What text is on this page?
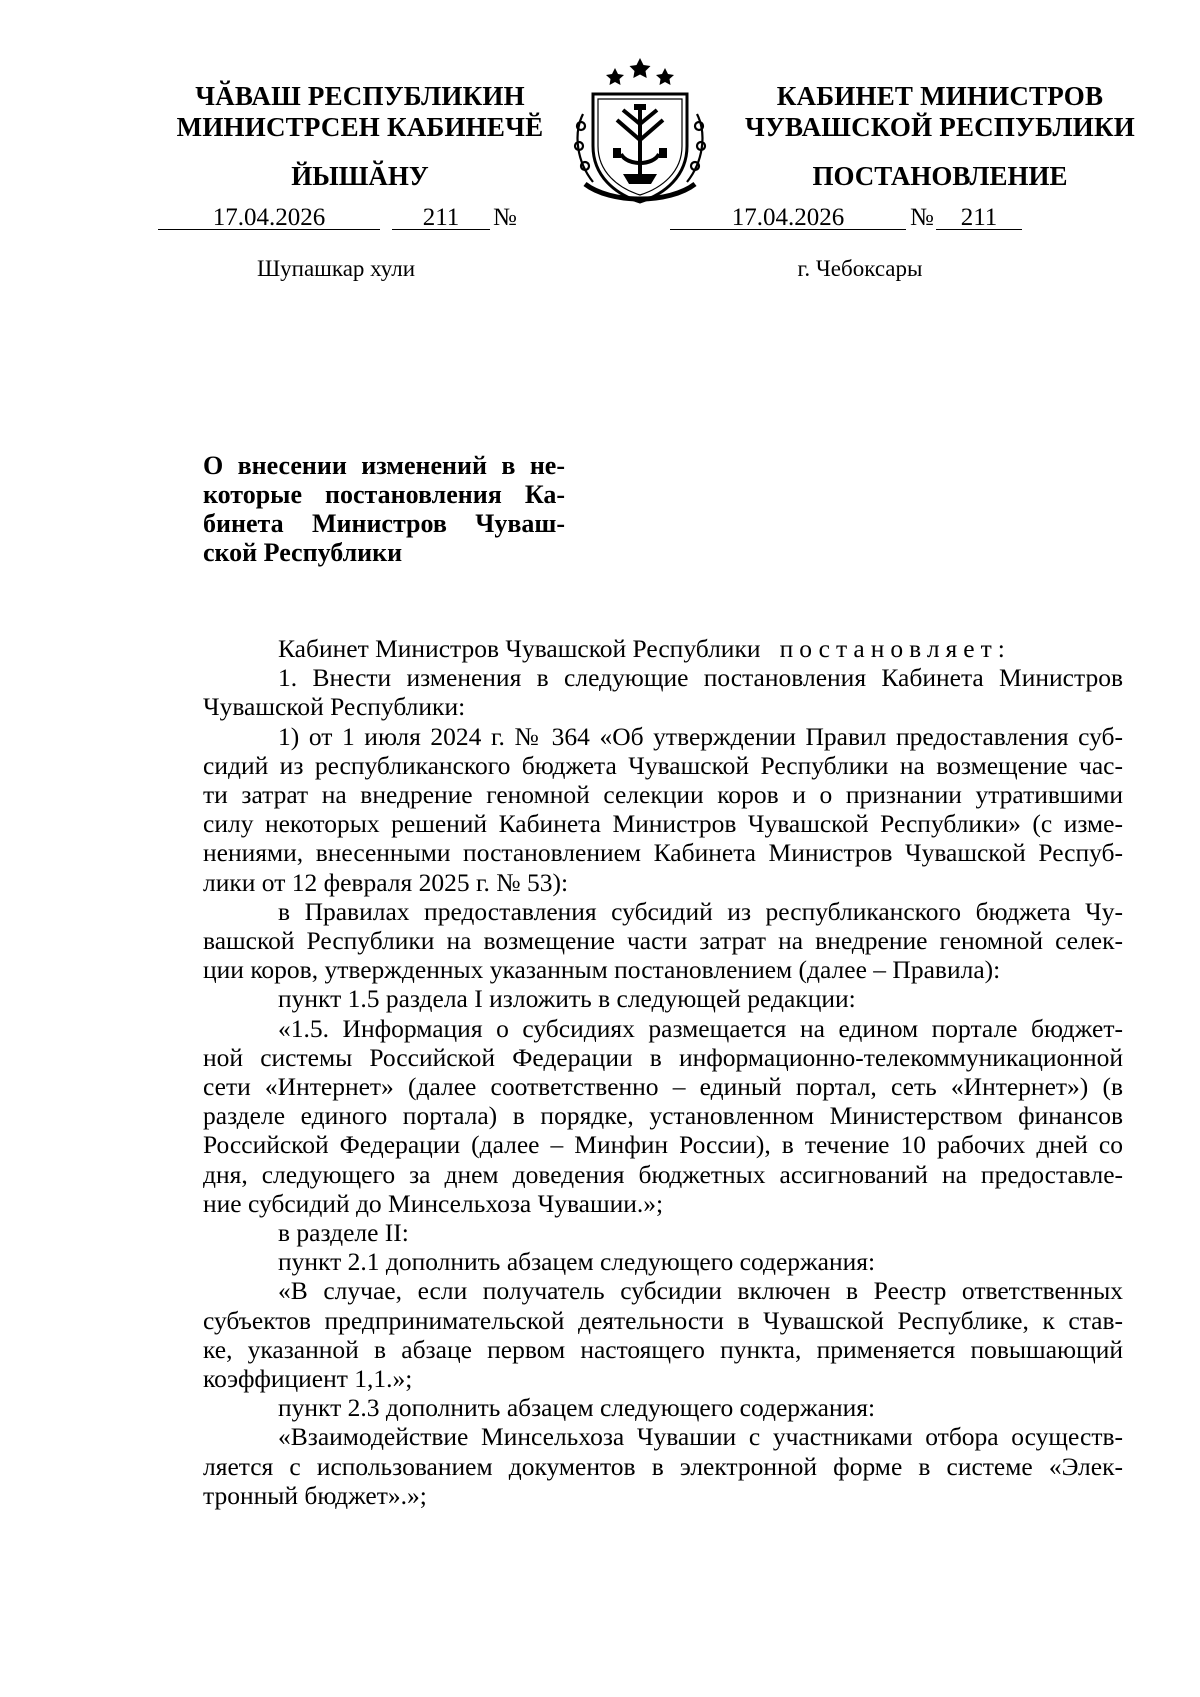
ЧӐВАШ РЕСПУБЛИКИН
МИНИСТРСЕН КАБИНЕЧӖ
ЙЫШӐНУ
КАБИНЕТ МИНИСТРОВ
ЧУВАШСКОЙ РЕСПУБЛИКИ
ПОСТАНОВЛЕНИЕ
17.04.2026	211	№	17.04.2026	№	211
Шупашкар хули	г. Чебоксары
О внесении изменений в не-
которые постановления Ка-
бинета Министров Чуваш-
ской Республики
Кабинет Министров Чувашской Республики постановляет:
1. Внести изменения в следующие постановления Кабинета Министров
Чувашской Республики:
1) от 1 июля 2024 г. № 364 «Об утверждении Правил предоставления суб-
сидий из республиканского бюджета Чувашской Республики на возмещение час-
ти затрат на внедрение геномной селекции коров и о признании утратившими
силу некоторых решений Кабинета Министров Чувашской Республики» (с изме-
нениями, внесенными постановлением Кабинета Министров Чувашской Респуб-
лики от 12 февраля 2025 г. № 53):
в Правилах предоставления субсидий из республиканского бюджета Чу-
вашской Республики на возмещение части затрат на внедрение геномной селек-
ции коров, утвержденных указанным постановлением (далее – Правила):
пункт 1.5 раздела I изложить в следующей редакции:
«1.5. Информация о субсидиях размещается на едином портале бюджет-
ной системы Российской Федерации в информационно-телекоммуникационной
сети «Интернет» (далее соответственно – единый портал, сеть «Интернет») (в
разделе единого портала) в порядке, установленном Министерством финансов
Российской Федерации (далее – Минфин России), в течение 10 рабочих дней со
дня, следующего за днем доведения бюджетных ассигнований на предоставле-
ние субсидий до Минсельхоза Чувашии.»;
в разделе II:
пункт 2.1 дополнить абзацем следующего содержания:
«В случае, если получатель субсидии включен в Реестр ответственных
субъектов предпринимательской деятельности в Чувашской Республике, к став-
ке, указанной в абзаце первом настоящего пункта, применяется повышающий
коэффициент 1,1.»;
пункт 2.3 дополнить абзацем следующего содержания:
«Взаимодействие Минсельхоза Чувашии с участниками отбора осуществ-
ляется с использованием документов в электронной форме в системе «Элек-
тронный бюджет».»;
